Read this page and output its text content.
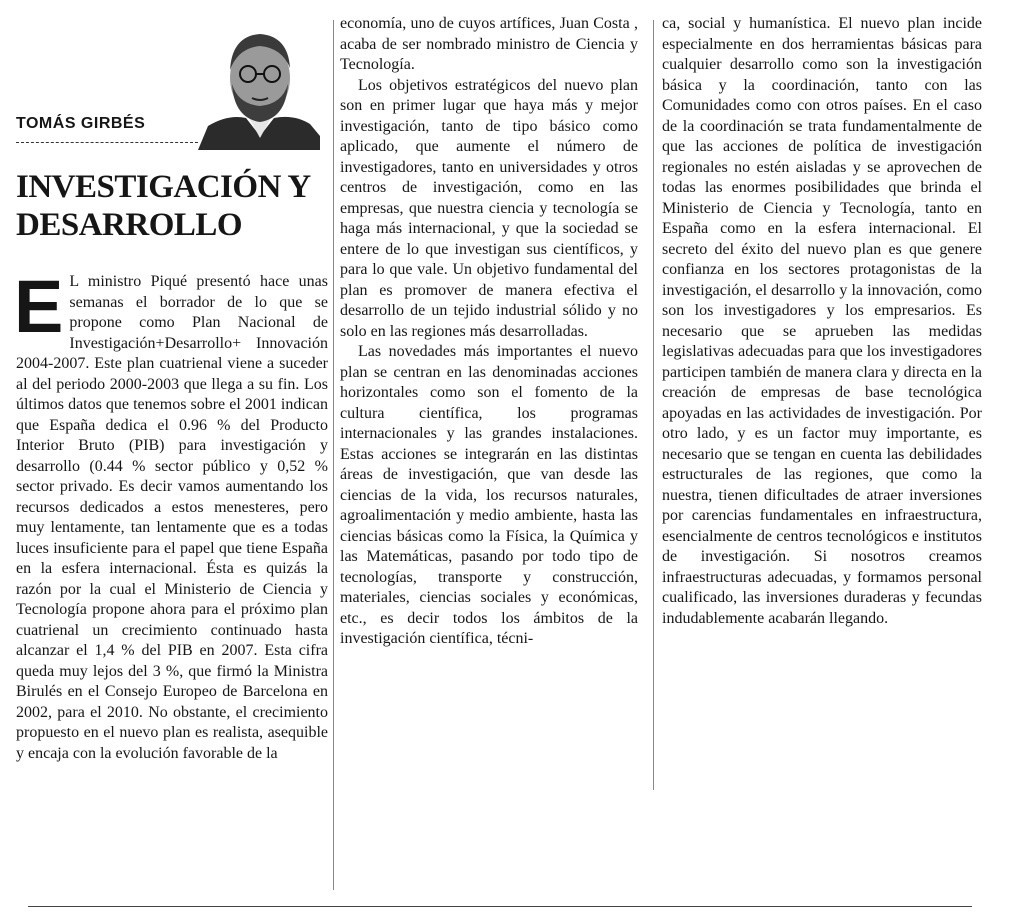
TOMÁS GIRBÉS
INVESTIGACIÓN Y
DESARROLLO

E L ministro Piqué presentó hace unas semanas el borrador de lo que se propone como Plan Nacional de Investigación+Desarrollo+ Innovación 2004-2007. Este plan cuatrienal viene a suceder al del periodo 2000-2003 que llega a su fin. Los últimos datos que tenemos sobre el 2001 indican que España dedica el 0.96 % del Producto Interior Bruto (PIB) para investigación y desarrollo (0.44 % sector público y 0,52 % sector privado. Es decir vamos aumentando los recursos dedicados a estos menesteres, pero muy lentamente, tan lentamente que es a todas luces insuficiente para el papel que tiene España en la esfera internacional. Ésta es quizás la razón por la cual el Ministerio de Ciencia y Tecnología propone ahora para el próximo plan cuatrienal un crecimiento continuado hasta alcanzar el 1,4 % del PIB en 2007. Esta cifra queda muy lejos del 3 %, que firmó la Ministra Birulés en el Consejo Europeo de Barcelona en 2002, para el 2010. No obstante, el crecimiento propuesto en el nuevo plan es realista, asequible y encaja con la evolución favorable de la

economía, uno de cuyos artífices, Juan Costa , acaba de ser nombrado ministro de Ciencia y Tecnología.

Los objetivos estratégicos del nuevo plan son en primer lugar que haya más y mejor investigación, tanto de tipo básico como aplicado, que aumente el número de investigadores, tanto en universidades y otros centros de investigación, como en las empresas, que nuestra ciencia y tecnología se haga más internacional, y que la sociedad se entere de lo que investigan sus científicos, y para lo que vale. Un objetivo fundamental del plan es promover de manera efectiva el desarrollo de un tejido industrial sólido y no solo en las regiones más desarrolladas.

Las novedades más importantes el nuevo plan se centran en las denominadas acciones horizontales como son el fomento de la cultura científica, los programas internacionales y las grandes instalaciones. Estas acciones se integrarán en las distintas áreas de investigación, que van desde las ciencias de la vida, los recursos naturales, agroalimentación y medio ambiente, hasta las ciencias básicas como la Física, la Química y las Matemáticas, pasando por todo tipo de tecnologías, transporte y construcción, materiales, ciencias sociales y económicas, etc., es decir todos los ámbitos de la investigación científica, técni-

ca, social y humanística. El nuevo plan incide especialmente en dos herramientas básicas para cualquier desarrollo como son la investigación básica y la coordinación, tanto con las Comunidades como con otros países. En el caso de la coordinación se trata fundamentalmente de que las acciones de política de investigación regionales no estén aisladas y se aprovechen de todas las enormes posibilidades que brinda el Ministerio de Ciencia y Tecnología, tanto en España como en la esfera internacional. El secreto del éxito del nuevo plan es que genere confianza en los sectores protagonistas de la investigación, el desarrollo y la innovación, como son los investigadores y los empresarios. Es necesario que se aprueben las medidas legislativas adecuadas para que los investigadores participen también de manera clara y directa en la creación de empresas de base tecnológica apoyadas en las actividades de investigación. Por otro lado, y es un factor muy importante, es necesario que se tengan en cuenta las debilidades estructurales de las regiones, que como la nuestra, tienen dificultades de atraer inversiones por carencias fundamentales en infraestructura, esencialmente de centros tecnológicos e institutos de investigación. Si nosotros creamos infraestructuras adecuadas, y formamos personal cualificado, las inversiones duraderas y fecundas indudablemente acabarán llegando.
